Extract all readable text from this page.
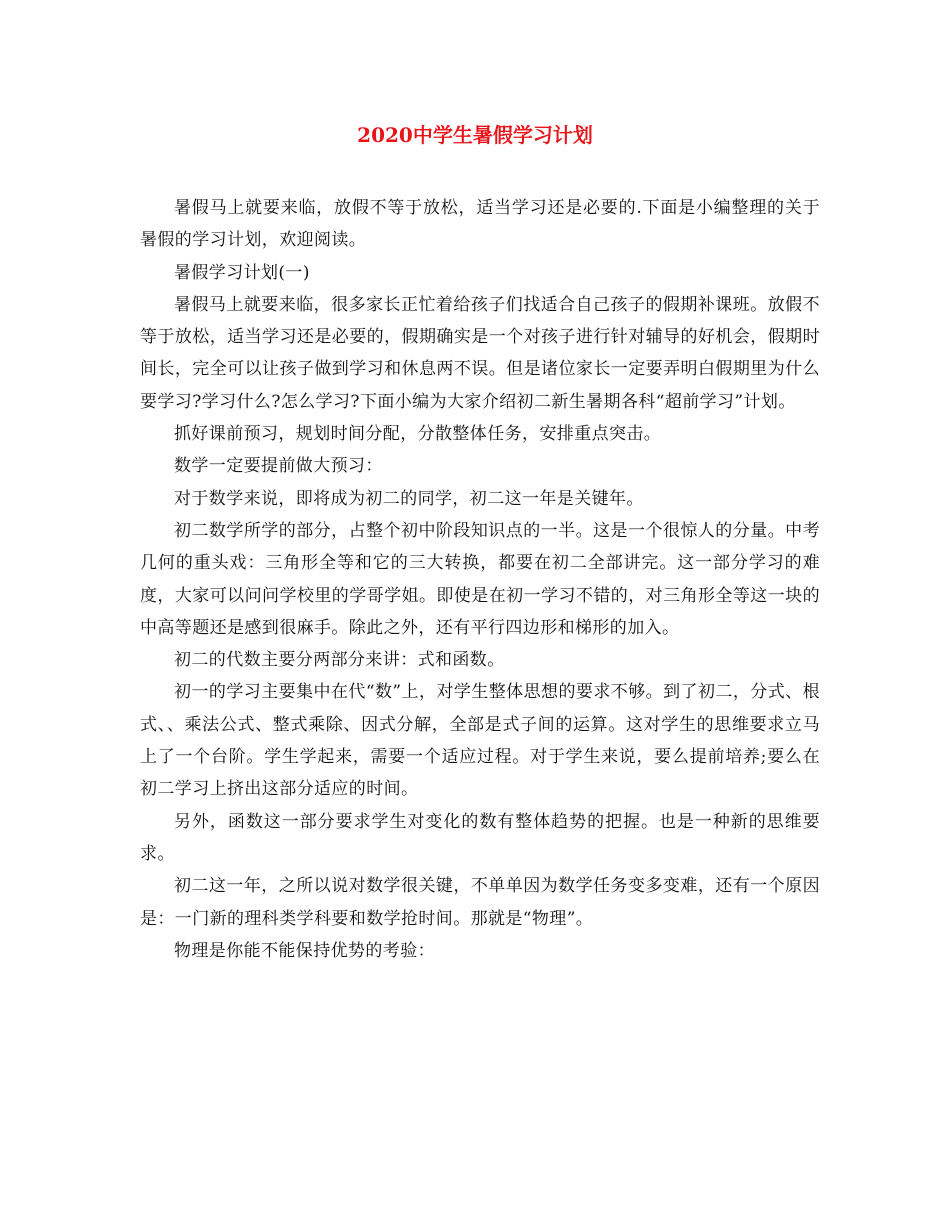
2020中学生暑假学习计划

暑假马上就要来临，放假不等于放松，适当学习还是必要的.下面是小编整理的关于暑假的学习计划，欢迎阅读。

暑假学习计划(一)

暑假马上就要来临，很多家长正忙着给孩子们找适合自己孩子的假期补课班。放假不等于放松，适当学习还是必要的，假期确实是一个对孩子进行针对辅导的好机会，假期时间长，完全可以让孩子做到学习和休息两不误。但是诸位家长一定要弄明白假期里为什么要学习?学习什么?怎么学习?下面小编为大家介绍初二新生暑期各科“超前学习”计划。

抓好课前预习，规划时间分配，分散整体任务，安排重点突击。

数学一定要提前做大预习：

对于数学来说，即将成为初二的同学，初二这一年是关键年。

初二数学所学的部分，占整个初中阶段知识点的一半。这是一个很惊人的分量。中考几何的重头戏：三角形全等和它的三大转换，都要在初二全部讲完。这一部分学习的难度，大家可以问问学校里的学哥学姐。即使是在初一学习不错的，对三角形全等这一块的中高等题还是感到很麻手。除此之外，还有平行四边形和梯形的加入。

初二的代数主要分两部分来讲：式和函数。

初一的学习主要集中在代“数”上，对学生整体思想的要求不够。到了初二，分式、根式、、乘法公式、整式乘除、因式分解，全部是式子间的运算。这对学生的思维要求立马上了一个台阶。学生学起来，需要一个适应过程。对于学生来说，要么提前培养;要么在初二学习上挤出这部分适应的时间。

另外，函数这一部分要求学生对变化的数有整体趋势的把握。也是一种新的思维要求。

初二这一年，之所以说对数学很关键，不单单因为数学任务变多变难，还有一个原因是：一门新的理科类学科要和数学抢时间。那就是“物理”。

物理是你能不能保持优势的考验：
